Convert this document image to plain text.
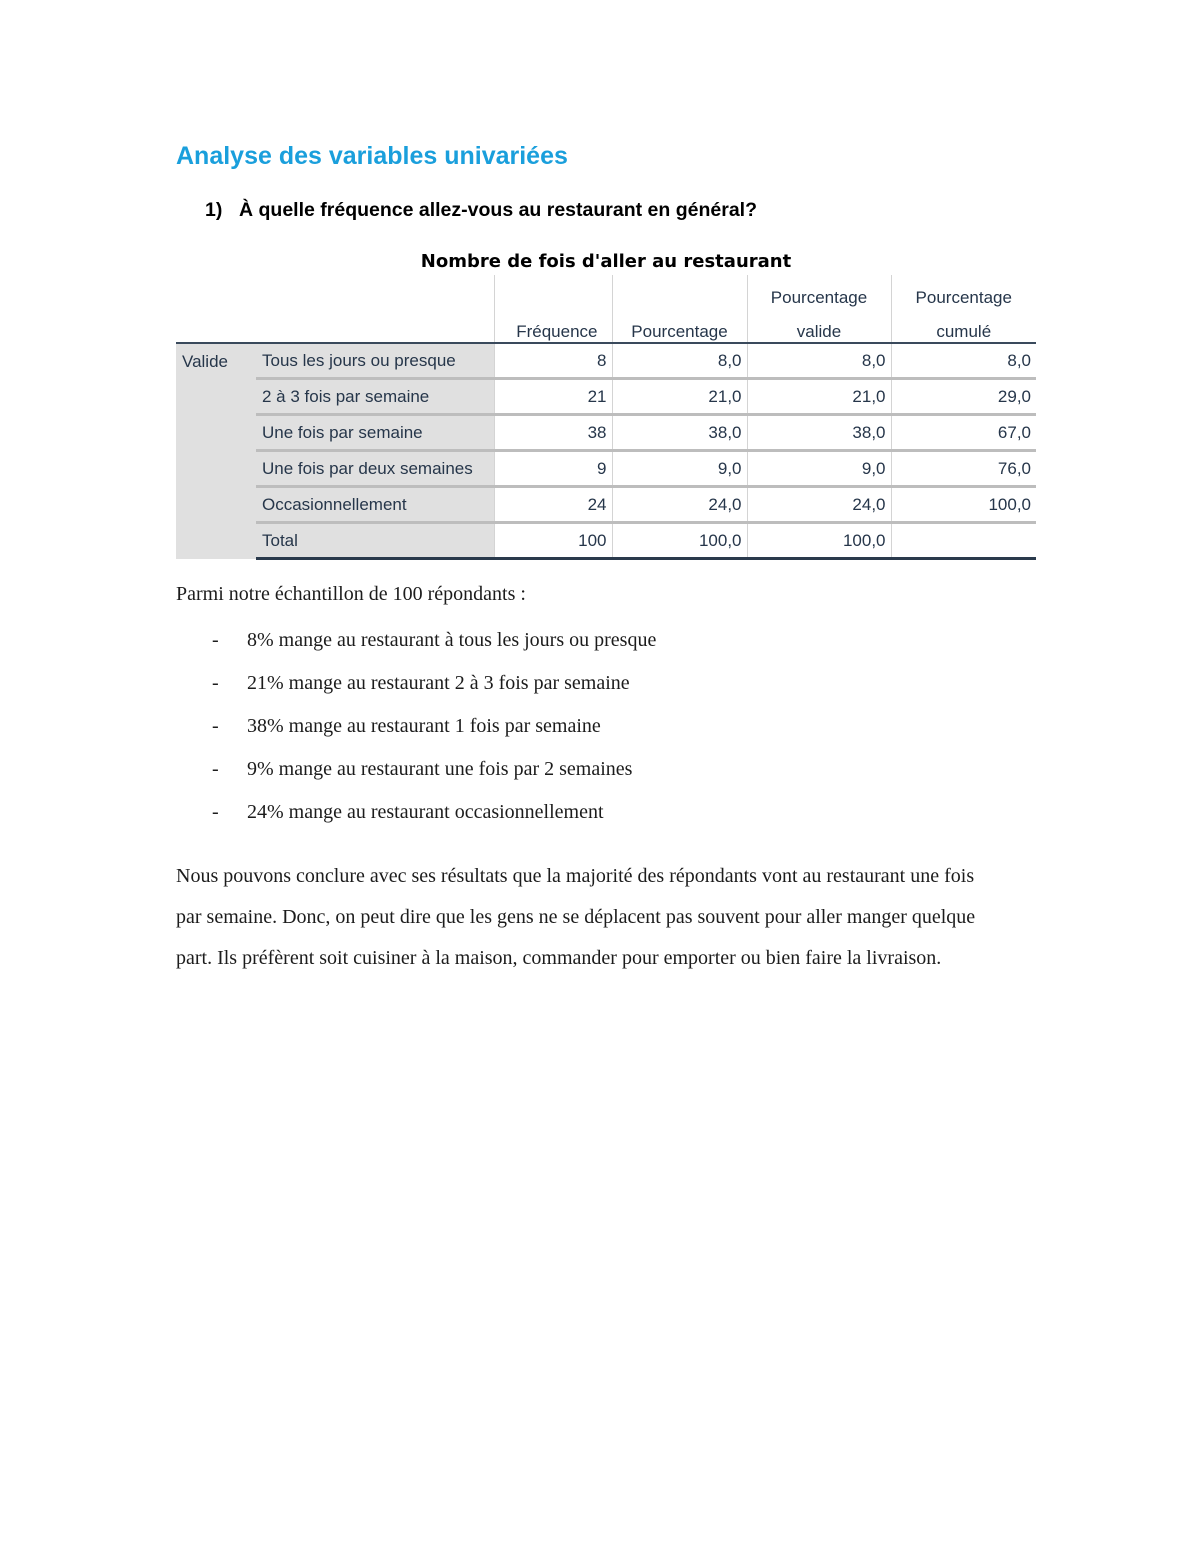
Analyse des variables univariées
1) À quelle fréquence allez-vous au restaurant en général?
Nombre de fois d'aller au restaurant
				Pourcentage	Pourcentage
		Fréquence	Pourcentage	valide	cumulé
Valide	Tous les jours ou presque	8	8,0	8,0	8,0
	2 à 3 fois par semaine	21	21,0	21,0	29,0
	Une fois par semaine	38	38,0	38,0	67,0
	Une fois par deux semaines	9	9,0	9,0	76,0
	Occasionnellement	24	24,0	24,0	100,0
	Total	100	100,0	100,0	
Parmi notre échantillon de 100 répondants :
- 8% mange au restaurant à tous les jours ou presque
- 21% mange au restaurant 2 à 3 fois par semaine
- 38% mange au restaurant 1 fois par semaine
- 9% mange au restaurant une fois par 2 semaines
- 24% mange au restaurant occasionnellement
Nous pouvons conclure avec ses résultats que la majorité des répondants vont au restaurant une fois par semaine. Donc, on peut dire que les gens ne se déplacent pas souvent pour aller manger quelque part. Ils préfèrent soit cuisiner à la maison, commander pour emporter ou bien faire la livraison.
